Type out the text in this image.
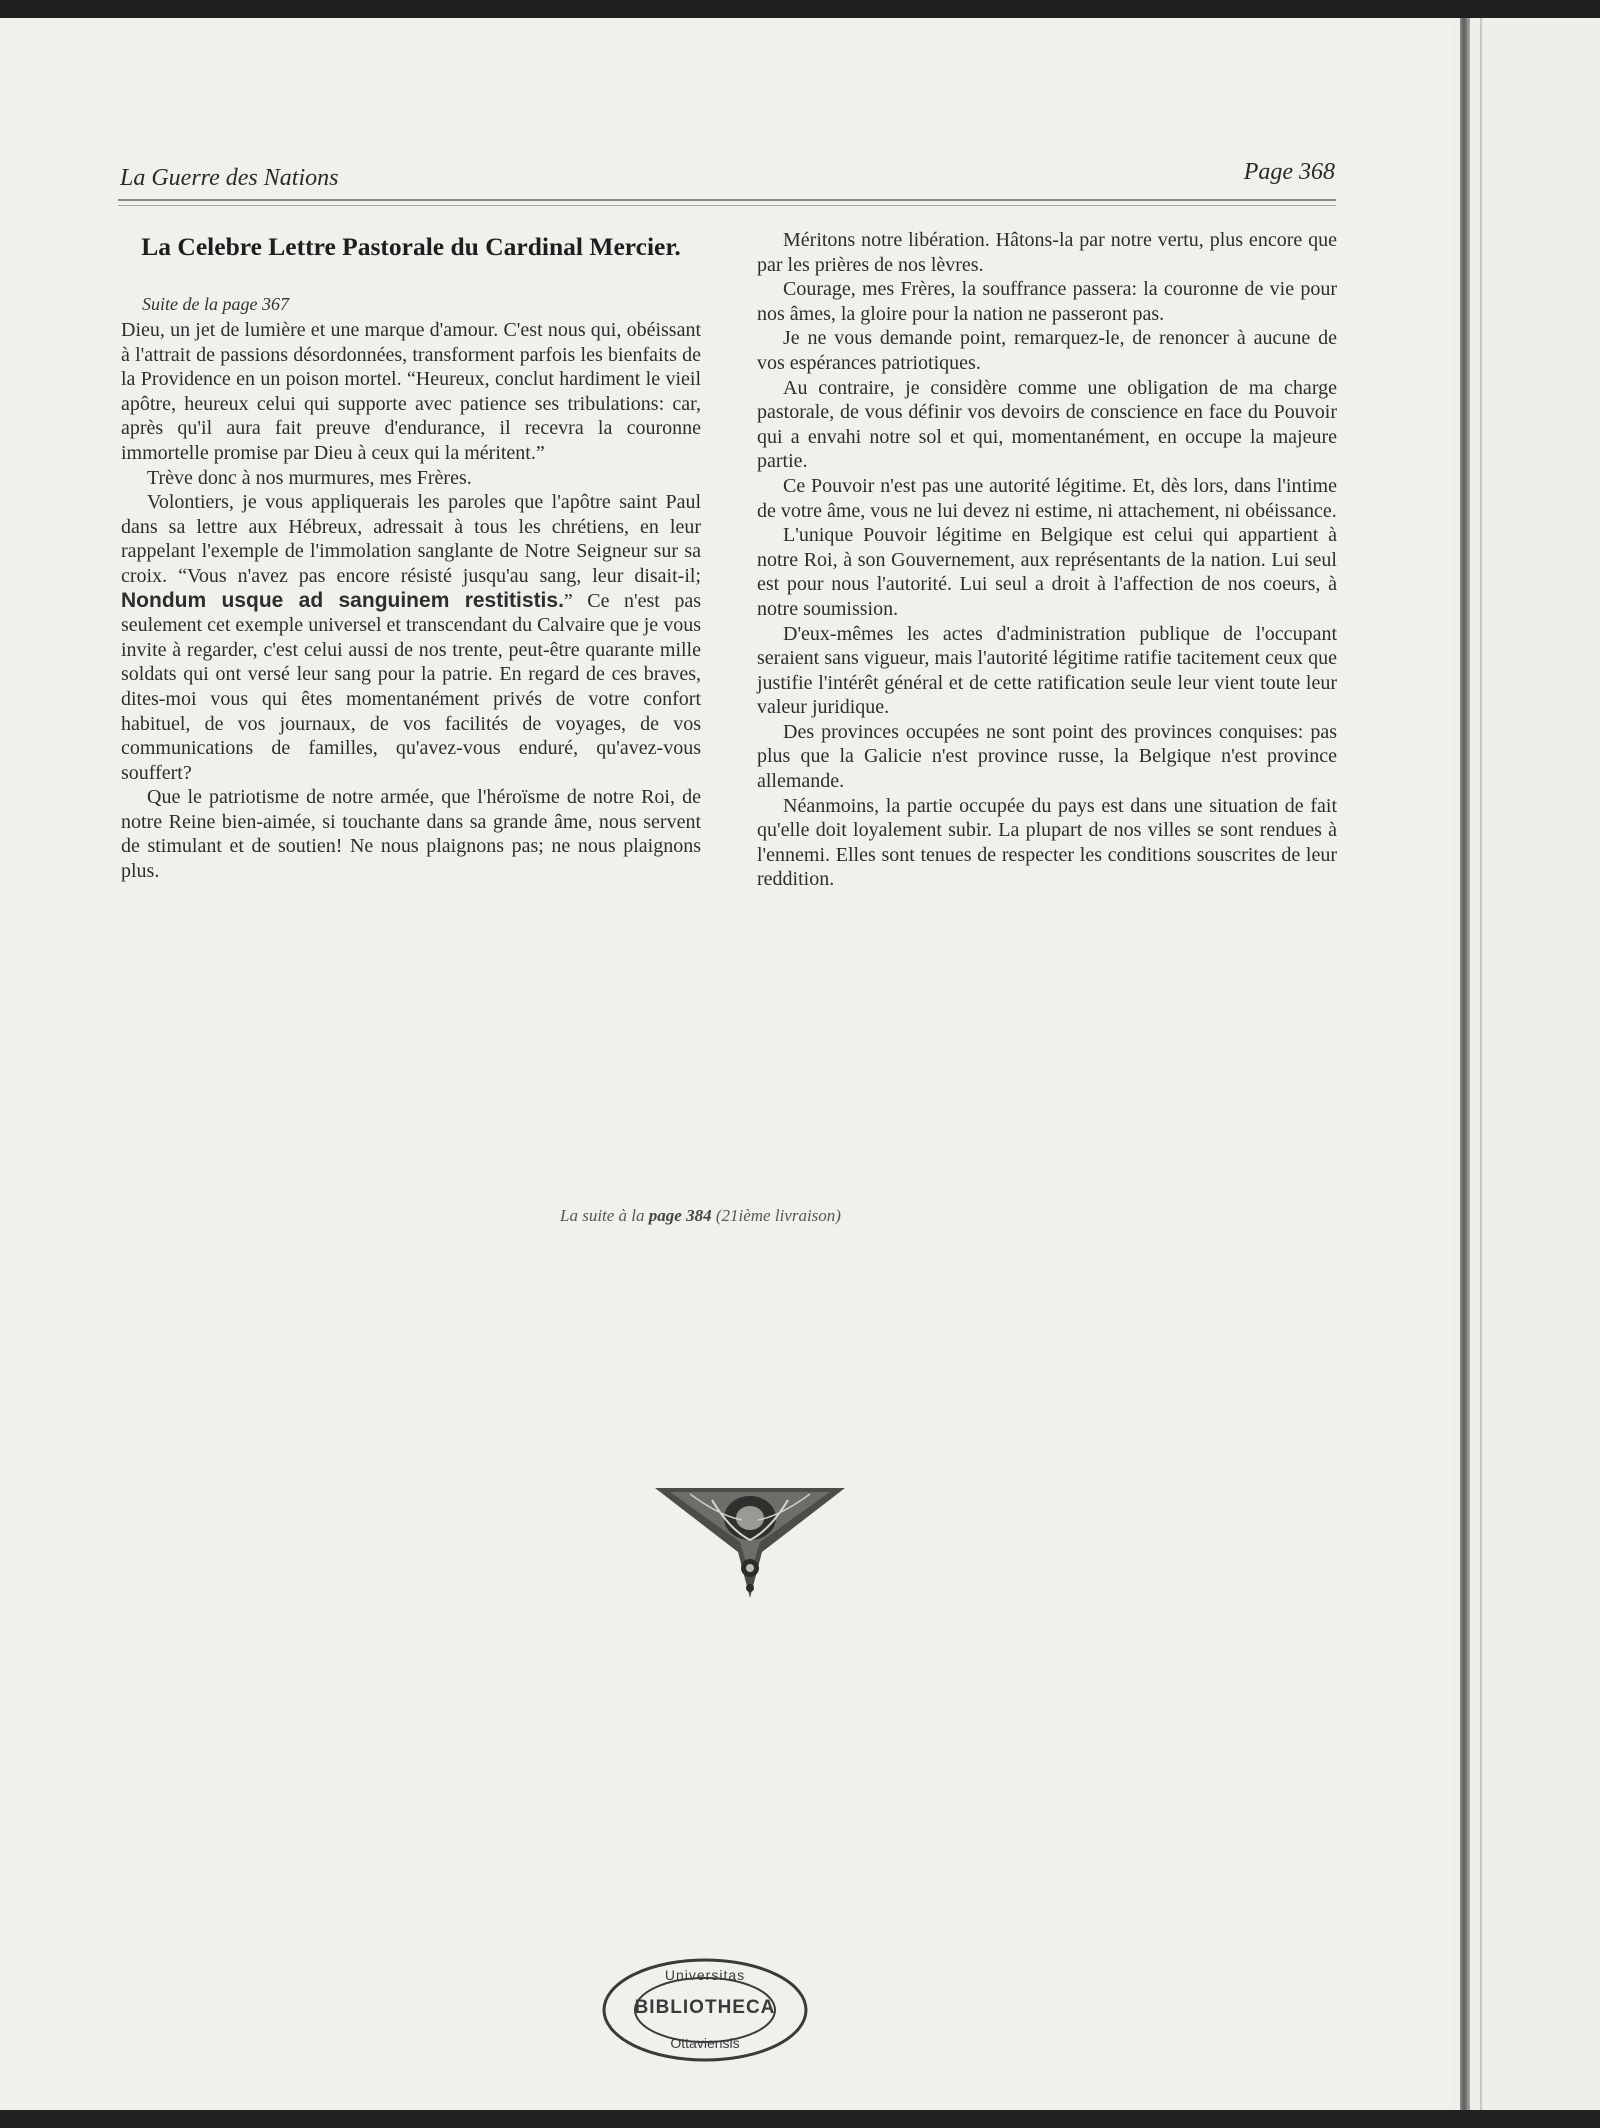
La Guerre des Nations	Page 368
La Celebre Lettre Pastorale du Cardinal Mercier.
Suite de la page 367

Dieu, un jet de lumière et une marque d'amour. C'est nous qui, obéissant à l'attrait de passions désordonnées, transforment parfois les bienfaits de la Providence en un poison mortel. “Heureux, conclut hardiment le vieil apôtre, heureux celui qui supporte avec patience ses tribulations: car, après qu'il aura fait preuve d'endurance, il recevra la couronne immortelle promise par Dieu à ceux qui la méritent.”

Trève donc à nos murmures, mes Frères.

Volontiers, je vous appliquerais les paroles que l'apôtre saint Paul dans sa lettre aux Hébreux, adressait à tous les chrétiens, en leur rappelant l'exemple de l'immolation sanglante de Notre Seigneur sur sa croix. “Vous n'avez pas encore résisté jusqu'au sang, leur disait-il; Nondum usque ad sanguinem restitistis.” Ce n'est pas seulement cet exemple universel et transcendant du Calvaire que je vous invite à regarder, c'est celui aussi de nos trente, peut-être quarante mille soldats qui ont versé leur sang pour la patrie. En regard de ces braves, dites-moi vous qui êtes momentanément privés de votre confort habituel, de vos journaux, de vos facilités de voyages, de vos communications de familles, qu'avez-vous enduré, qu'avez-vous souffert?

Que le patriotisme de notre armée, que l'héroïsme de notre Roi, de notre Reine bien-aimée, si touchante dans sa grande âme, nous servent de stimulant et de soutien! Ne nous plaignons pas; ne nous plaignons plus.

Méritons notre libération. Hâtons-la par notre vertu, plus encore que par les prières de nos lèvres.

Courage, mes Frères, la souffrance passera: la couronne de vie pour nos âmes, la gloire pour la nation ne passeront pas.

Je ne vous demande point, remarquez-le, de renoncer à aucune de vos espérances patriotiques.

Au contraire, je considère comme une obligation de ma charge pastorale, de vous définir vos devoirs de conscience en face du Pouvoir qui a envahi notre sol et qui, momentanément, en occupe la majeure partie.

Ce Pouvoir n'est pas une autorité légitime. Et, dès lors, dans l'intime de votre âme, vous ne lui devez ni estime, ni attachement, ni obéissance.

L'unique Pouvoir légitime en Belgique est celui qui appartient à notre Roi, à son Gouvernement, aux représentants de la nation. Lui seul est pour nous l'autorité. Lui seul a droit à l'affection de nos coeurs, à notre soumission.

D'eux-mêmes les actes d'administration publique de l'occupant seraient sans vigueur, mais l'autorité légitime ratifie tacitement ceux que justifie l'intérêt général et de cette ratification seule leur vient toute leur valeur juridique.

Des provinces occupées ne sont point des provinces conquises: pas plus que la Galicie n'est province russe, la Belgique n'est province allemande.

Néanmoins, la partie occupée du pays est dans une situation de fait qu'elle doit loyalement subir. La plupart de nos villes se sont rendues à l'ennemi. Elles sont tenues de respecter les conditions souscrites de leur reddition.

La suite à la page 384 (21ième livraison)
Universitas
BIBLIOTHECA
Ottaviensis
